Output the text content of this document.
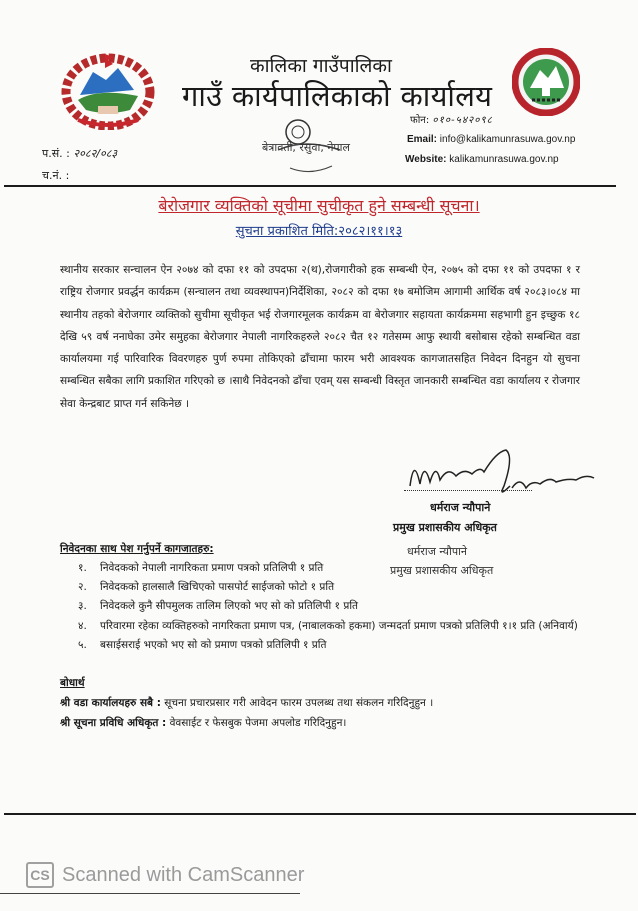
कालिका गाउँपालिका
गाउँ कार्यपालिकाको कार्यालय
बेत्रावती, रसुवा, नेपाल
फोन: ०१०-५४२०९८
Email: info@kalikamunrasuwa.gov.np
Website: kalikamunrasuwa.gov.np
प.सं. : २०८२/०८३
च.नं. :
बेरोजगार व्यक्तिको सूचीमा सुचीकृत हुने सम्बन्धी सूचना।
सुचना प्रकाशित मिति:२०८२।११।१३
स्थानीय सरकार सन्चालन ऐन २०७४ को दफा ११ को उपदफा २(थ),रोजगारीको हक सम्बन्धी ऐन, २०७५ को दफा ११ को उपदफा १ र राष्ट्रिय रोजगार प्रवर्द्धन कार्यक्रम (सन्चालन तथा व्यवस्थापन)निर्देशिका, २०८२ को दफा १७ बमोजिम आगामी आर्थिक वर्ष २०८३।०८४ मा स्थानीय तहको बेरोजगार व्यक्तिको सुचीमा सूचीकृत भई रोजगारमूलक कार्यक्रम वा बेरोजगार सहायता कार्यक्रममा सहभागी हुन इच्छुक १८ देखि ५९ वर्ष ननाघेका उमेर समुहका बेरोजगार नेपाली नागरिकहरुले २०८२ चैत १२ गतेसम्म आफु स्थायी बसोबास रहेको सम्बन्धित वडा कार्यालयमा गई पारिवारिक विवरणहरु पुर्ण रुपमा तोकिएको ढाँचामा फारम भरी आवश्यक कागजातसहित निवेदन दिनहुन यो सुचना सम्बन्धित सबैका लागि प्रकाशित गरिएको छ ।साथै निवेदनको ढाँचा एवम् यस सम्बन्धी विस्तृत जानकारी सम्बन्धित वडा कार्यालय र रोजगार सेवा केन्द्रबाट प्राप्त गर्न सकिनेछ ।
धर्मराज न्यौपाने
प्रमुख प्रशासकीय अधिकृत
धर्मराज न्यौपाने
प्रमुख प्रशासकीय अधिकृत
निवेदनका साथ पेश गर्नुपर्ने कागजातहरु:
१.	निवेदकको नेपाली नागरिकता प्रमाण पत्रको प्रतिलिपी १ प्रति
२.	निवेदकको हालसालै खिचिएको पासपोर्ट साईजको फोटो १ प्रति
३.	निवेदकले कुनै सीपमुलक तालिम लिएको भए सो को प्रतिलिपी १ प्रति
४.	परिवारमा रहेका व्यक्तिहरुको नागरिकता प्रमाण पत्र, (नाबालकको हकमा) जन्मदर्ता प्रमाण पत्रको प्रतिलिपी १।१ प्रति (अनिवार्य)
५.	बसाईसराई भएको भए सो को प्रमाण पत्रको प्रतिलिपी १ प्रति
बोधार्थ
श्री वडा कार्यालयहरु सबै : सूचना प्रचारप्रसार गरी आवेदन फारम उपलब्ध तथा संकलन गरिदिनुहुन ।
श्री सूचना प्रविधि अधिकृत : वेवसाईट र फेसबुक पेजमा अपलोड गरिदिनुहुन।
CS Scanned with CamScanner
